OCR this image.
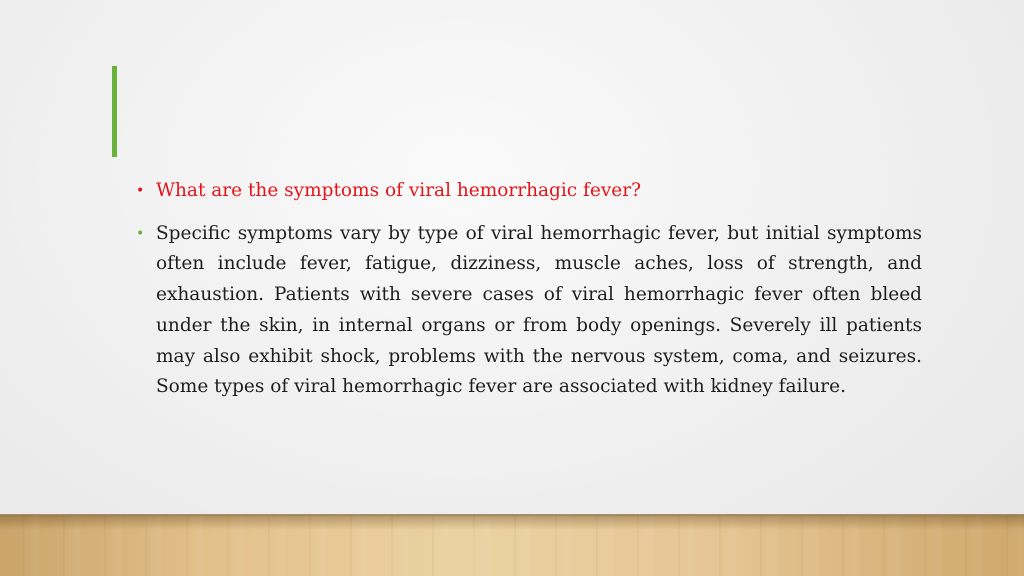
• What are the symptoms of viral hemorrhagic fever?
• Specific symptoms vary by type of viral hemorrhagic fever, but initial symptoms often include fever, fatigue, dizziness, muscle aches, loss of strength, and exhaustion. Patients with severe cases of viral hemorrhagic fever often bleed under the skin, in internal organs or from body openings. Severely ill patients may also exhibit shock, problems with the nervous system, coma, and seizures. Some types of viral hemorrhagic fever are associated with kidney failure.
